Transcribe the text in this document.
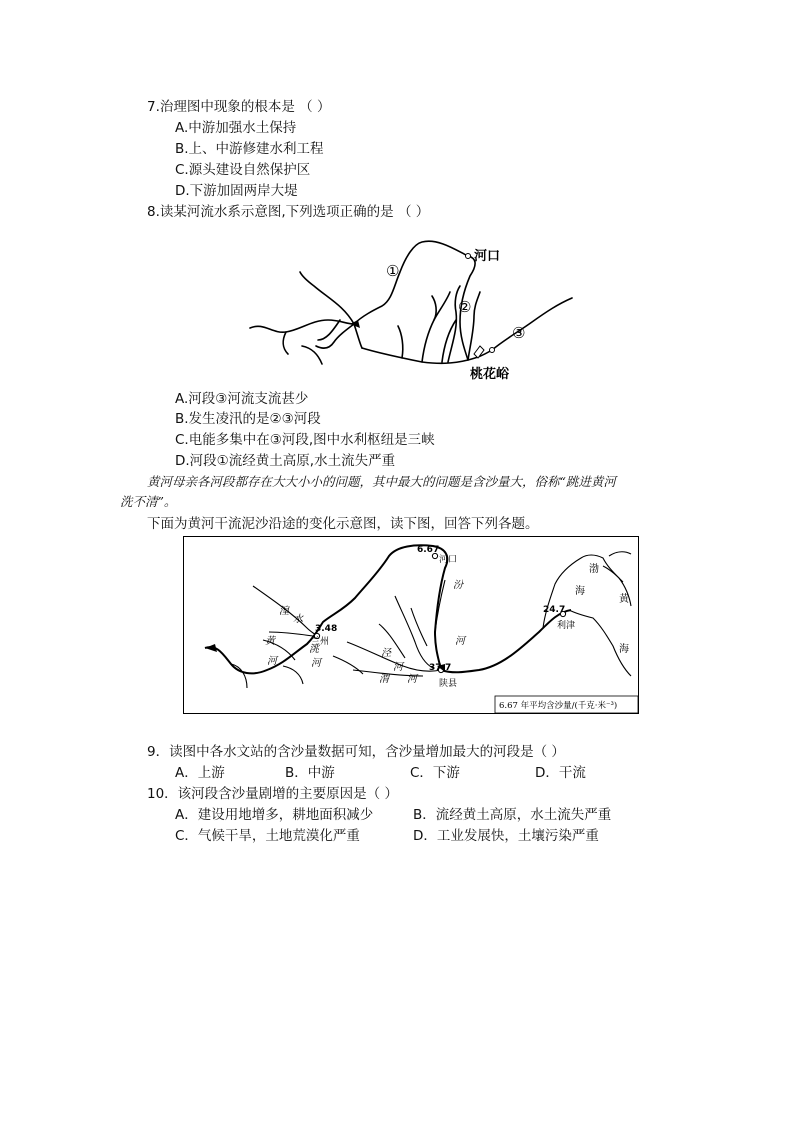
7.治理图中现象的根本是 （ ）
A.中游加强水土保持
B.上、中游修建水利工程
C.源头建设自然保护区
D.下游加固两岸大堤
8.读某河流水系示意图,下列选项正确的是 （ ）
河口
桃花峪
①
②
③
A.河段③河流支流甚少
B.发生凌汛的是②③河段
C.电能多集中在③河段,图中水利枢纽是三峡
D.河段①流经黄土高原,水土流失严重
黄河母亲各河段都存在大大小小的问题，其中最大的问题是含沙量大，俗称“跳进黄河
洗不清”。
下面为黄河干流泥沙沿途的变化示意图，读下图，回答下列各题。
6.67
3.48
24.7
37.7
河口
兰州
利津
陕县
渤
海
黄
海
湟
水
黄
河
洮
河
汾
河
泾
河
渭 河
6.67 年平均含沙量/(千克·米⁻³)
9．读图中各水文站的含沙量数据可知，含沙量增加最大的河段是（ ）
A．上游	B．中游	C．下游	D．干流
10．该河段含沙量剧增的主要原因是（ ）
A．建设用地增多，耕地面积减少	B．流经黄土高原，水土流失严重
C．气候干旱，土地荒漠化严重	D．工业发展快，土壤污染严重
